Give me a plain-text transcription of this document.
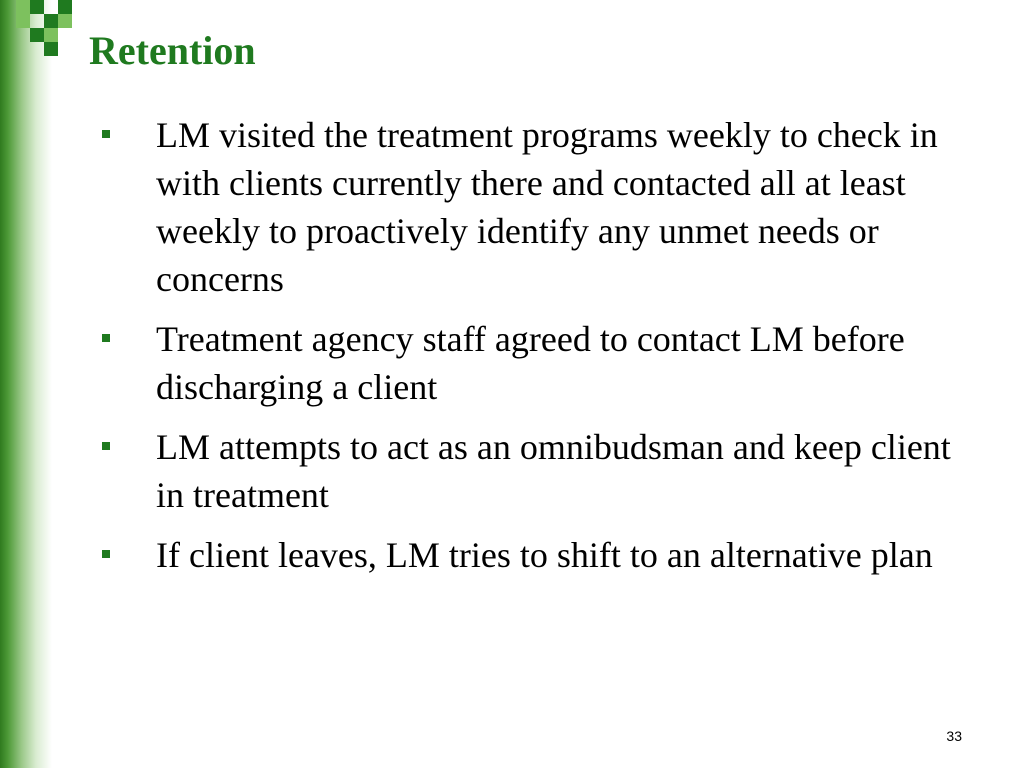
Retention
LM visited the treatment programs weekly to check in with clients currently there and contacted all at least weekly to proactively identify any unmet needs or concerns
Treatment agency staff agreed to contact LM before discharging a client
LM attempts to act as an omnibudsman and keep client in treatment
If client leaves, LM tries to shift to an alternative plan
33
